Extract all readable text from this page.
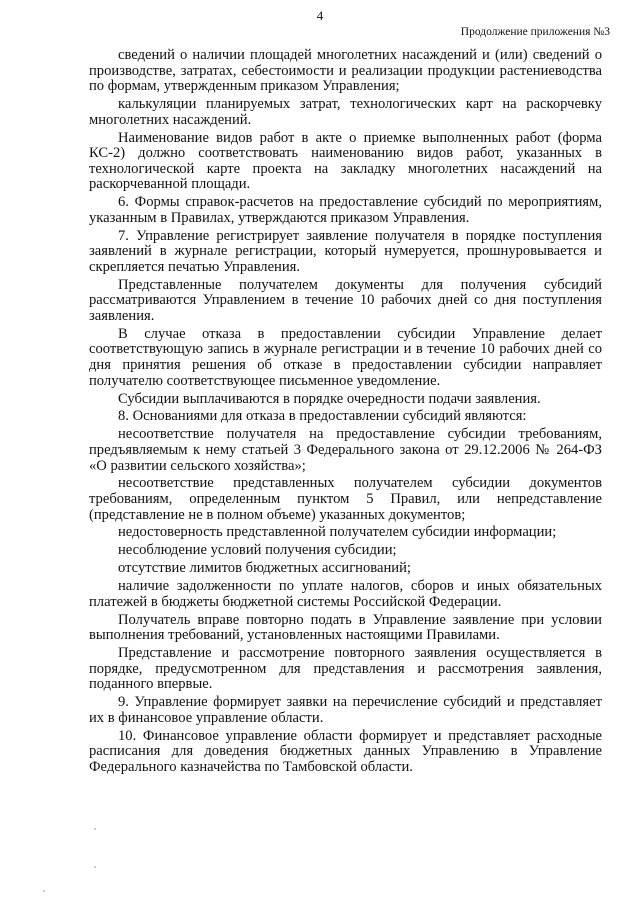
4
Продолжение приложения №3

сведений о наличии площадей многолетних насаждений и (или) сведений о производстве, затратах, себестоимости и реализации продукции растениеводства по формам, утвержденным приказом Управления;

калькуляции планируемых затрат, технологических карт на раскорчевку многолетних насаждений.

Наименование видов работ в акте о приемке выполненных работ (форма КС-2) должно соответствовать наименованию видов работ, указанных в технологической карте проекта на закладку многолетних насаждений на раскорчеванной площади.

6. Формы справок-расчетов на предоставление субсидий по мероприятиям, указанным в Правилах, утверждаются приказом Управления.

7. Управление регистрирует заявление получателя в порядке поступления заявлений в журнале регистрации, который нумеруется, прошнуровывается и скрепляется печатью Управления.

Представленные получателем документы для получения субсидий рассматриваются Управлением в течение 10 рабочих дней со дня поступления заявления.

В случае отказа в предоставлении субсидии Управление делает соответствующую запись в журнале регистрации и в течение 10 рабочих дней со дня принятия решения об отказе в предоставлении субсидии направляет получателю соответствующее письменное уведомление.

Субсидии выплачиваются в порядке очередности подачи заявления.

8. Основаниями для отказа в предоставлении субсидий являются:

несоответствие получателя на предоставление субсидии требованиям, предъявляемым к нему статьей 3 Федерального закона от 29.12.2006 № 264-ФЗ «О развитии сельского хозяйства»;

несоответствие представленных получателем субсидии документов требованиям, определенным пунктом 5 Правил, или непредставление (представление не в полном объеме) указанных документов;

недостоверность представленной получателем субсидии информации;

несоблюдение условий получения субсидии;

отсутствие лимитов бюджетных ассигнований;

наличие задолженности по уплате налогов, сборов и иных обязательных платежей в бюджеты бюджетной системы Российской Федерации.

Получатель вправе повторно подать в Управление заявление при условии выполнения требований, установленных настоящими Правилами.

Представление и рассмотрение повторного заявления осуществляется в порядке, предусмотренном для представления и рассмотрения заявления, поданного впервые.

9. Управление формирует заявки на перечисление субсидий и представляет их в финансовое управление области.

10. Финансовое управление области формирует и представляет расходные расписания для доведения бюджетных данных Управлению в Управление Федерального казначейства по Тамбовской области.
